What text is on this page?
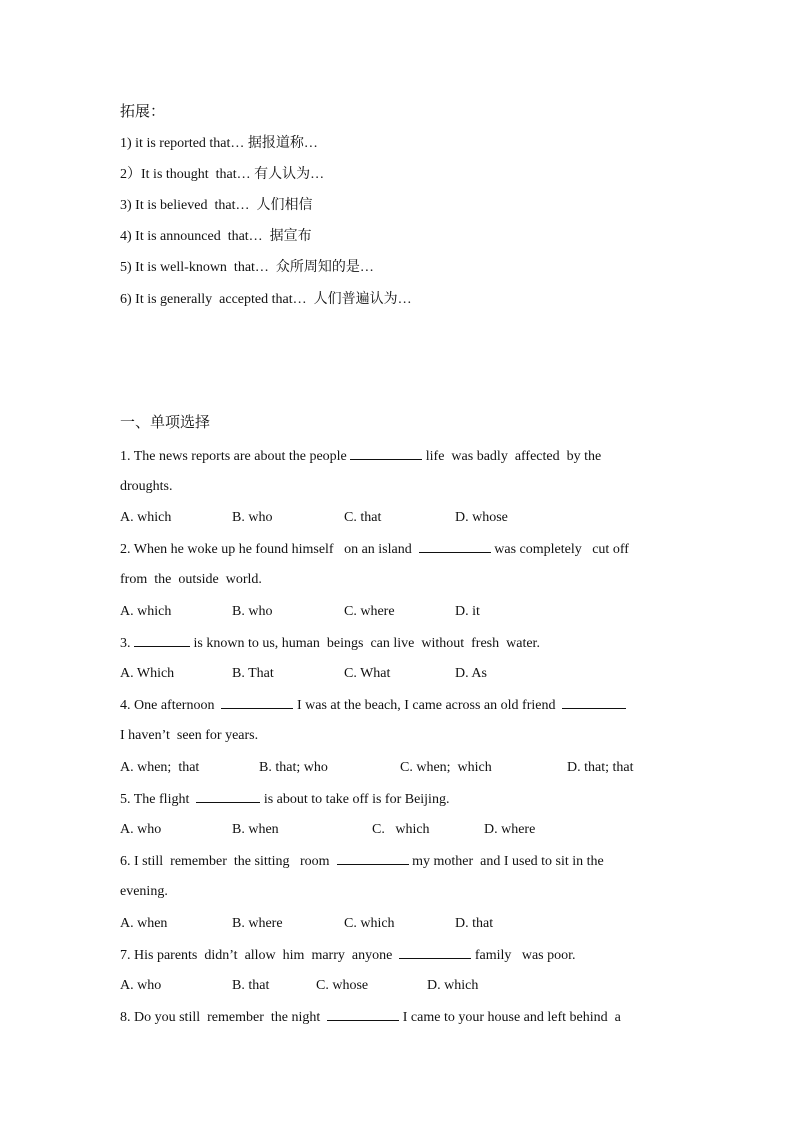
拓展：
1) it is reported that… 据报道称…
2）It is thought  that… 有人认为…
3) It is believed  that…  人们相信
4) It is announced  that…  据宣布
5) It is well-known  that…  众所周知的是…
6) It is generally  accepted that…  人们普遍认为…
一、单项选择
1. The news reports are about the people	life  was badly  affected  by the
droughts.
A. which	B. who	C. that	D. whose
2. When he woke up he found himself   on an island	was completely   cut off
from  the  outside  world.
A. which	B. who	C. where	D. it
3.	is known to us, human  beings  can live  without  fresh  water.
A. Which	B. That	C. What	D. As
4. One afternoon	I was at the beach, I came across an old friend
I haven’t  seen for years.
A. when;  that	B. that; who	C. when;  which	D. that; that
5. The flight	is about to take off is for Beijing.
A. who	B. when	C.   which	D. where
6. I still  remember  the sitting   room	my mother  and I used to sit in the
evening.
A. when	B. where	C. which	D. that
7. His parents  didn’t  allow  him  marry  anyone	family   was poor.
A. who	B. that	C. whose	D. which
8. Do you still  remember  the night	I came to your house and left behind  a
